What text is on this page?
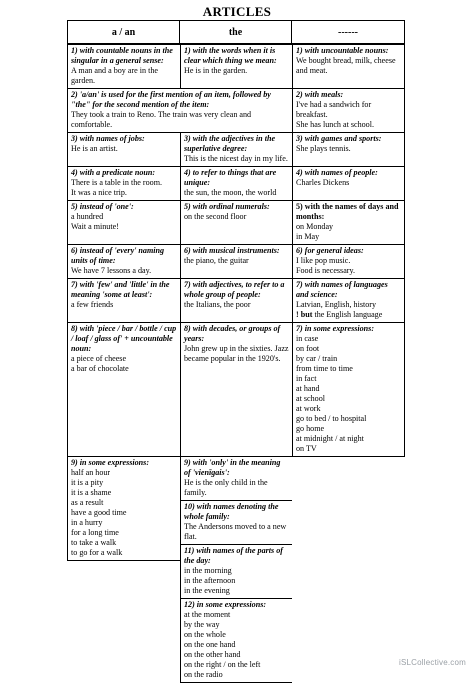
ARTICLES
a / an	the	------
1) with countable nouns in the singular in a general sense:
A man and a boy are in the garden.
1) with the words when it is clear which thing we mean:
He is in the garden.
1) with uncountable nouns:
We bought bread, milk, cheese and meat.
2) 'a/an' is used for the first mention of an item, followed by "the" for the second mention of the item:
They took a train to Reno. The train was very clean and comfortable.
2) with meals:
I've had a sandwich for breakfast.
She has lunch at school.
3) with names of jobs:
He is an artist.
4) with a predicate noun:
There is a table in the room.
It was a nice trip.
5) instead of 'one':
a hundred
Wait a minute!
6) instead of 'every' naming units of time:
We have 7 lessons a day.
7) with 'few' and 'little' in the meaning 'some at least':
a few friends
8) with 'piece / bar / bottle / cup / loaf / glass of' + uncountable noun:
a piece of cheese
a bar of chocolate
9) in some expressions:
half an hour
it is a pity
it is a shame
as a result
have a good time
in a hurry
for a long time
to take a walk
to go for a walk
3) with the adjectives in the superlative degree:
This is the nicest day in my life.
4) to refer to things that are unique:
the sun, the moon, the world
5) with ordinal numerals:
on the second floor
6) with musical instruments:
the piano, the guitar
7) with adjectives, to refer to a whole group of people:
the Italians, the poor
8) with decades, or groups of years:
John grew up in the sixties. Jazz became popular in the 1920's.
9) with 'only' in the meaning of 'vienīgais':
He is the only child in the family.
10) with names denoting the whole family:
The Andersons moved to a new flat.
11) with names of the parts of the day:
in the morning
in the afternoon
in the evening
12) in some expressions:
at the moment
by the way
on the whole
on the one hand
on the other hand
on the right / on the left
on the radio
3) with games and sports:
She plays tennis.
4) with names of people:
Charles Dickens
5) with the names of days and months:
on Monday
in May
6) for general ideas:
I like pop music.
Food is necessary.
7) with names of languages and science:
Latvian, English, history
! but the English language
7) in some expressions:
in case
on foot
by car / train
from time to time
in fact
at hand
at school
at work
go to bed / to hospital
go home
at midnight / at night
on TV
iSLCollective.com
